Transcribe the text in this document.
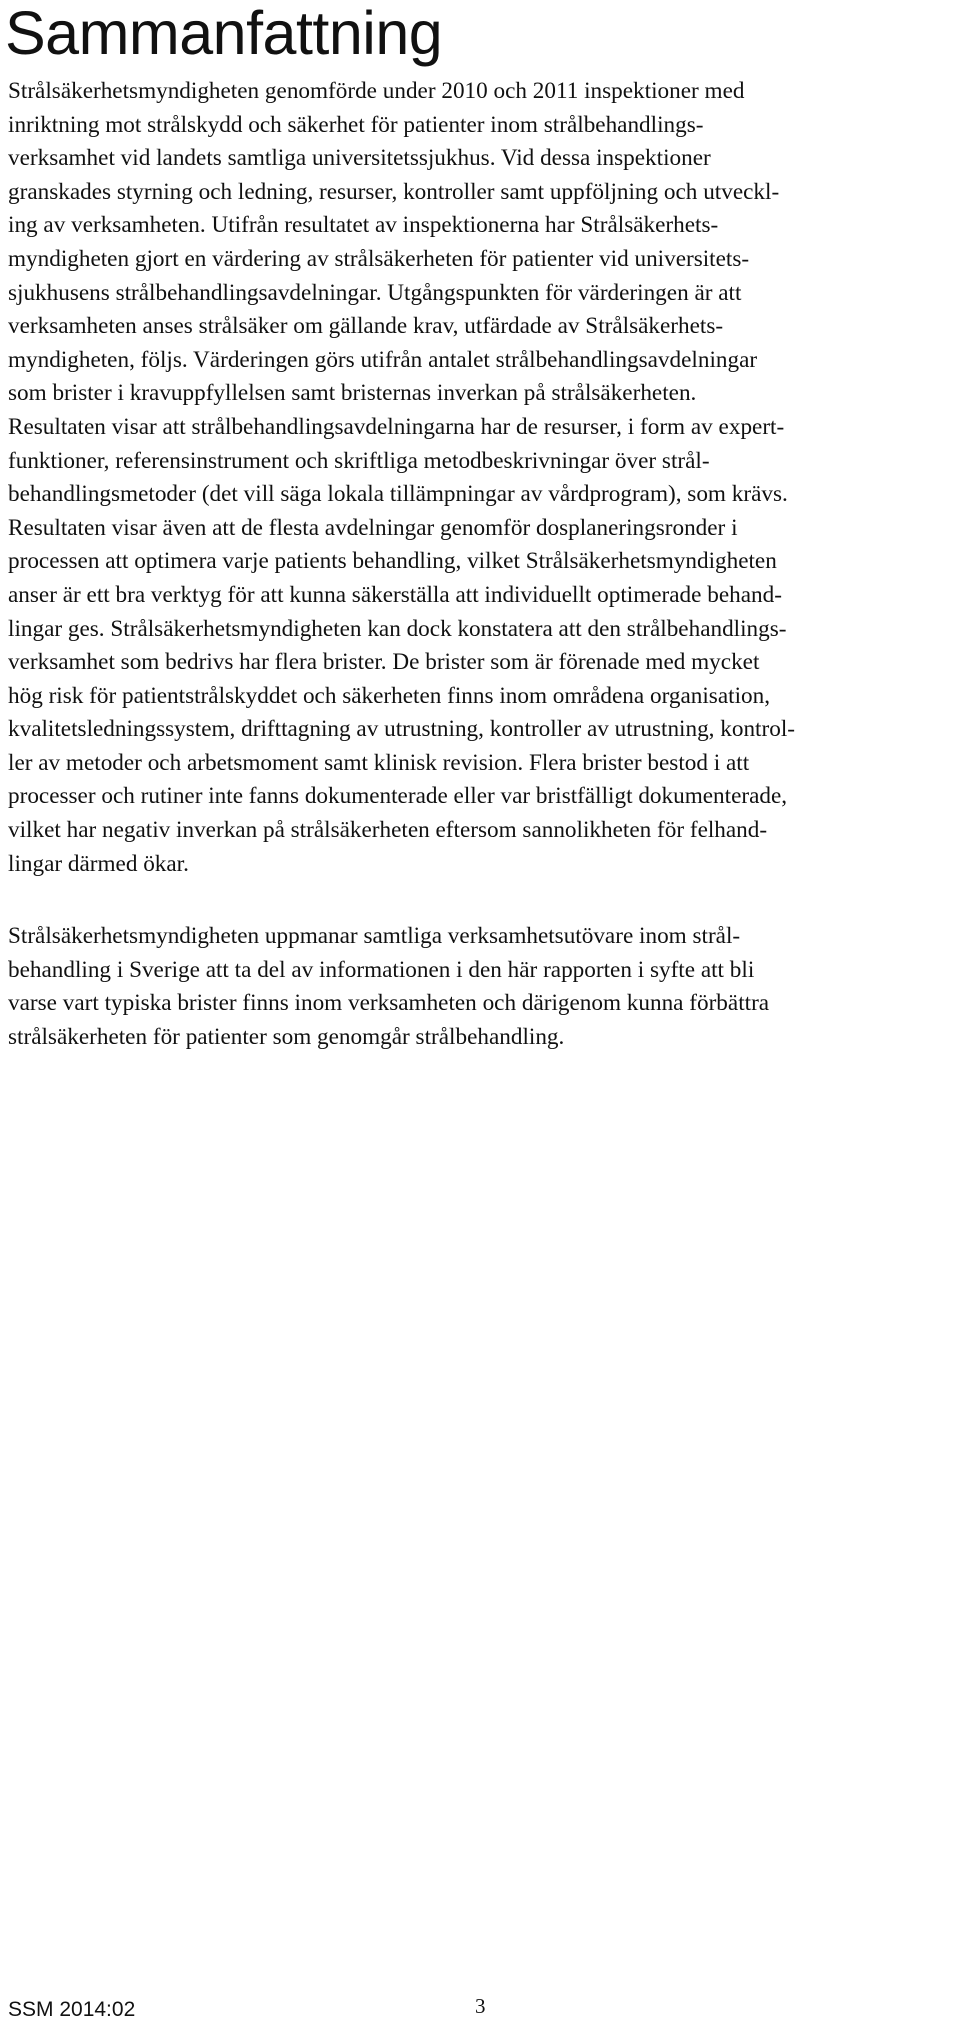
Sammanfattning
Strålsäkerhetsmyndigheten genomförde under 2010 och 2011 inspektioner med
inriktning mot strålskydd och säkerhet för patienter inom strålbehandlings-
verksamhet vid landets samtliga universitetssjukhus. Vid dessa inspektioner
granskades styrning och ledning, resurser, kontroller samt uppföljning och utveckl-
ing av verksamheten. Utifrån resultatet av inspektionerna har Strålsäkerhets-
myndigheten gjort en värdering av strålsäkerheten för patienter vid universitets-
sjukhusens strålbehandlingsavdelningar. Utgångspunkten för värderingen är att
verksamheten anses strålsäker om gällande krav, utfärdade av Strålsäkerhets-
myndigheten, följs. Värderingen görs utifrån antalet strålbehandlingsavdelningar
som brister i kravuppfyllelsen samt bristernas inverkan på strålsäkerheten.
Resultaten visar att strålbehandlingsavdelningarna har de resurser, i form av expert-
funktioner, referensinstrument och skriftliga metodbeskrivningar över strål-
behandlingsmetoder (det vill säga lokala tillämpningar av vårdprogram), som krävs.
Resultaten visar även att de flesta avdelningar genomför dosplaneringsronder i
processen att optimera varje patients behandling, vilket Strålsäkerhetsmyndigheten
anser är ett bra verktyg för att kunna säkerställa att individuellt optimerade behand-
lingar ges. Strålsäkerhetsmyndigheten kan dock konstatera att den strålbehandlings-
verksamhet som bedrivs har flera brister. De brister som är förenade med mycket
hög risk för patientstrålskyddet och säkerheten finns inom områdena organisation,
kvalitetsledningssystem, drifttagning av utrustning, kontroller av utrustning, kontrol-
ler av metoder och arbetsmoment samt klinisk revision. Flera brister bestod i att
processer och rutiner inte fanns dokumenterade eller var bristfälligt dokumenterade,
vilket har negativ inverkan på strålsäkerheten eftersom sannolikheten för felhand-
lingar därmed ökar.
Strålsäkerhetsmyndigheten uppmanar samtliga verksamhetsutövare inom strål-
behandling i Sverige att ta del av informationen i den här rapporten i syfte att bli
varse vart typiska brister finns inom verksamheten och därigenom kunna förbättra
strålsäkerheten för patienter som genomgår strålbehandling.
SSM 2014:02	3
